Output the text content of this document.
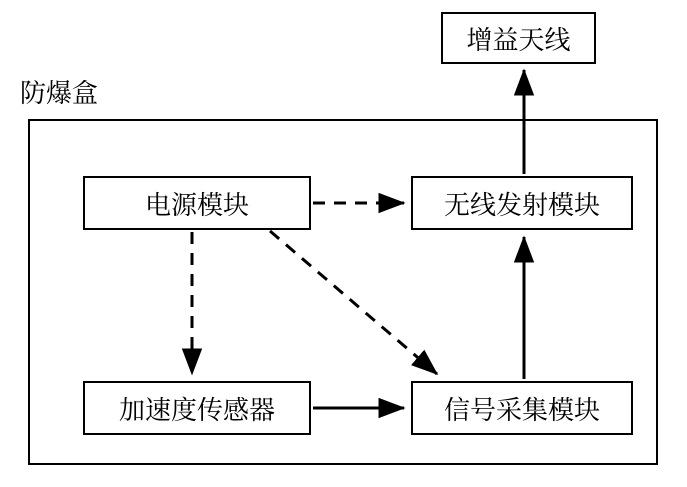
防爆盒
增益天线
电源模块	无线发射模块
加速度传感器	信号采集模块
